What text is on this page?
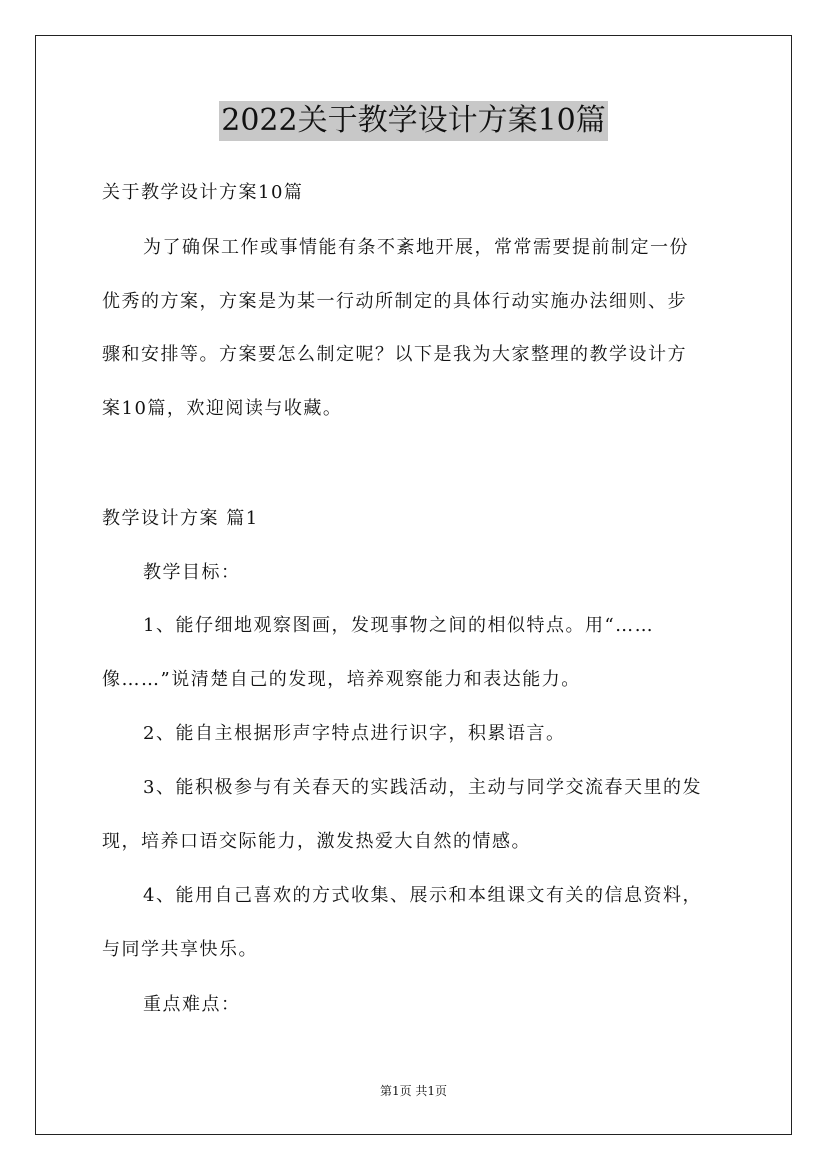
2022关于教学设计方案10篇
关于教学设计方案10篇
为了确保工作或事情能有条不紊地开展，常常需要提前制定一份
优秀的方案，方案是为某一行动所制定的具体行动实施办法细则、步
骤和安排等。方案要怎么制定呢？以下是我为大家整理的教学设计方
案10篇，欢迎阅读与收藏。
教学设计方案 篇1
教学目标：
1、能仔细地观察图画，发现事物之间的相似特点。用“……
像……”说清楚自己的发现，培养观察能力和表达能力。
2、能自主根据形声字特点进行识字，积累语言。
3、能积极参与有关春天的实践活动，主动与同学交流春天里的发
现，培养口语交际能力，激发热爱大自然的情感。
4、能用自己喜欢的方式收集、展示和本组课文有关的信息资料，
与同学共享快乐。
重点难点：
第1页 共1页
